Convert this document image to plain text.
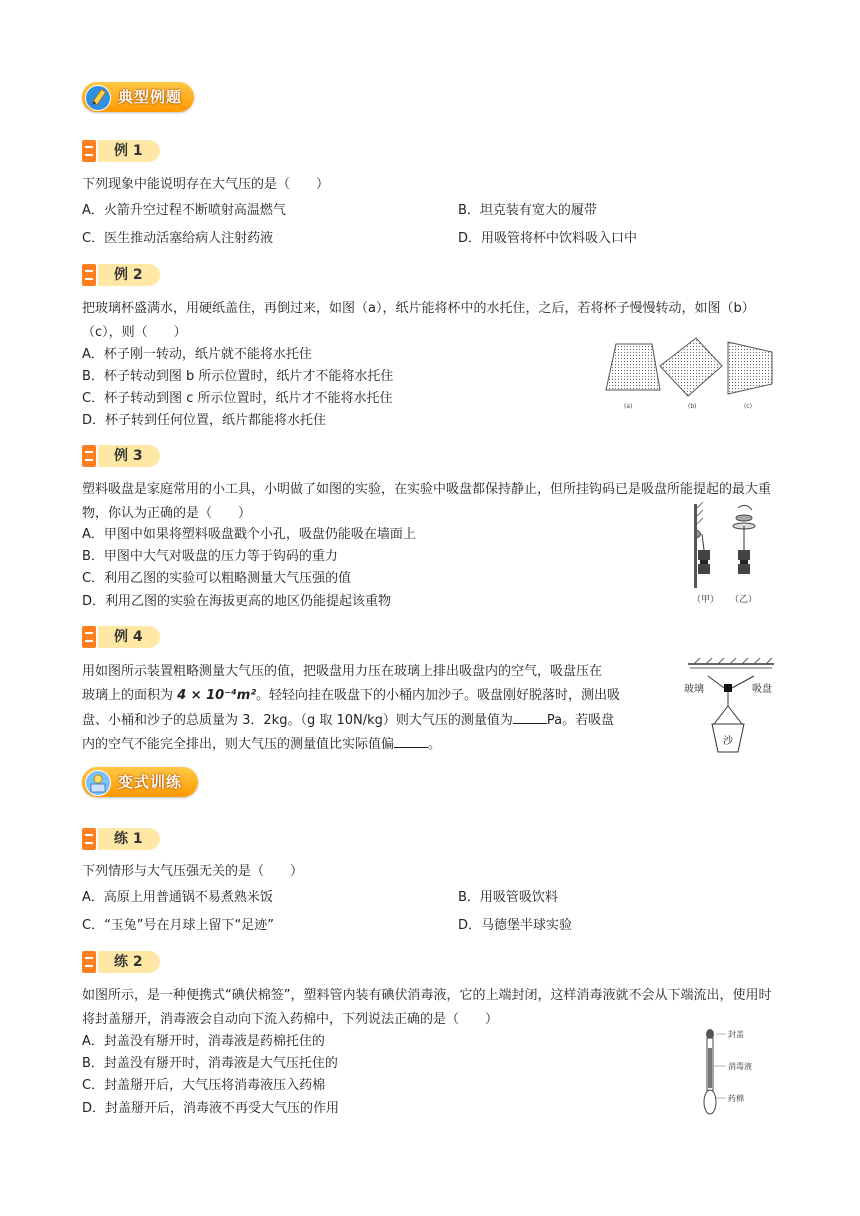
典型例题
例 1
下列现象中能说明存在大气压的是（　　）
A．火箭升空过程不断喷射高温燃气	B．坦克装有宽大的履带
C．医生推动活塞给病人注射药液	D．用吸管将杯中饮料吸入口中
例 2
把玻璃杯盛满水，用硬纸盖住，再倒过来，如图（a），纸片能将杯中的水托住，之后，若将杯子慢慢转动，如图（b）（c），则（　　）
A．杯子刚一转动，纸片就不能将水托住
B．杯子转动到图 b 所示位置时，纸片才不能将水托住
C．杯子转动到图 c 所示位置时，纸片才不能将水托住
D．杯子转到任何位置，纸片都能将水托住
(a)	(b)	(c)
例 3
塑料吸盘是家庭常用的小工具，小明做了如图的实验，在实验中吸盘都保持静止，但所挂钩码已是吸盘所能提起的最大重物，你认为正确的是（　　）
A．甲图中如果将塑料吸盘戳个小孔，吸盘仍能吸在墙面上
B．甲图中大气对吸盘的压力等于钩码的重力
C．利用乙图的实验可以粗略测量大气压强的值
D．利用乙图的实验在海拔更高的地区仍能提起该重物	（甲） （乙）
例 4
用如图所示装置粗略测量大气压的值，把吸盘用力压在玻璃上排出吸盘内的空气，吸盘压在
玻璃上的面积为 4 × 10⁻⁴m²。轻轻向挂在吸盘下的小桶内加沙子。吸盘刚好脱落时，测出吸
盘、小桶和沙子的总质量为 3．2kg。（g 取 10N/kg）则大气压的测量值为	Pa。若吸盘
内的空气不能完全排出，则大气压的测量值比实际值偏	。
玻璃	吸盘
沙
变式训练
练 1
下列情形与大气压强无关的是（　　）
A．高原上用普通锅不易煮熟米饭	B．用吸管吸饮料
C．“玉兔”号在月球上留下“足迹”	D．马德堡半球实验
练 2
如图所示，是一种便携式“碘伏棉签”，塑料管内装有碘伏消毒液，它的上端封闭，这样消毒液就不会从下端流出，使用时将封盖掰开，消毒液会自动向下流入药棉中，下列说法正确的是（　　）
A．封盖没有掰开时，消毒液是药棉托住的
B．封盖没有掰开时，消毒液是大气压托住的
C．封盖掰开后，大气压将消毒液压入药棉
D．封盖掰开后，消毒液不再受大气压的作用
封盖
消毒液
药棉
